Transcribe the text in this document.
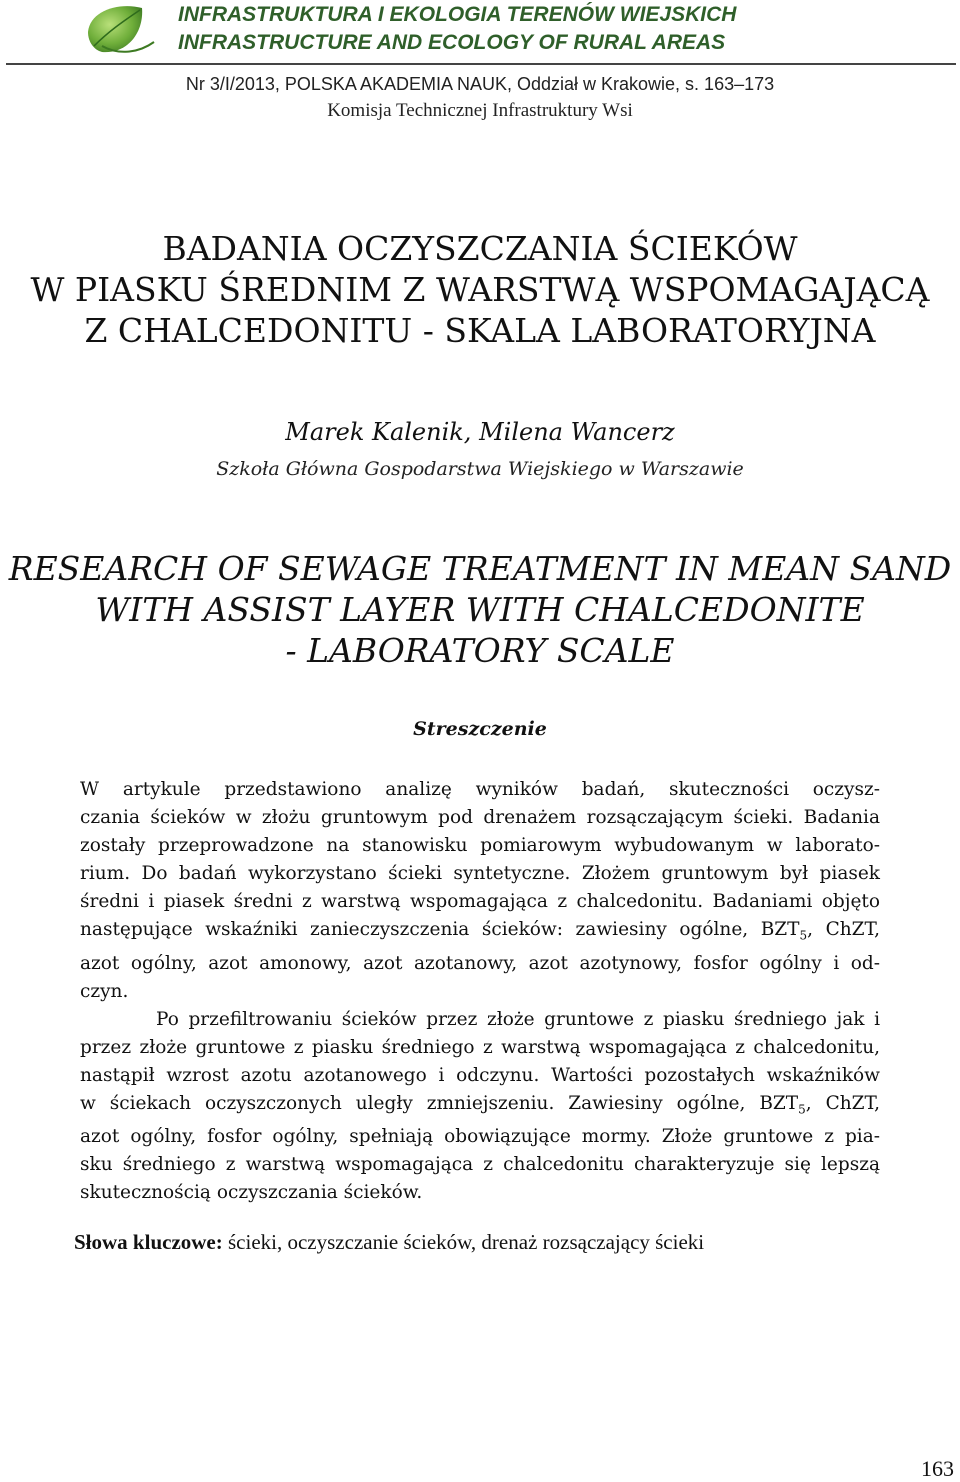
INFRASTRUKTURA I EKOLOGIA TERENÓW WIEJSKICH
INFRASTRUCTURE AND ECOLOGY OF RURAL AREAS
Nr 3/I/2013, POLSKA AKADEMIA NAUK, Oddział w Krakowie, s. 163–173
Komisja Technicznej Infrastruktury Wsi
BADANIA OCZYSZCZANIA ŚCIEKÓW
W PIASKU ŚREDNIM Z WARSTWĄ WSPOMAGAJĄCĄ
Z CHALCEDONITU - SKALA LABORATORYJNA
Marek Kalenik, Milena Wancerz
Szkoła Główna Gospodarstwa Wiejskiego w Warszawie
RESEARCH OF SEWAGE TREATMENT IN MEAN SAND
WITH ASSIST LAYER WITH CHALCEDONITE
- LABORATORY SCALE
Streszczenie
W artykule przedstawiono analizę wyników badań, skuteczności oczysz-
czania ścieków w złożu gruntowym pod drenażem rozsączającym ścieki. Badania
zostały przeprowadzone na stanowisku pomiarowym wybudowanym w laborato-
rium. Do badań wykorzystano ścieki syntetyczne. Złożem gruntowym był piasek
średni i piasek średni z warstwą wspomagająca z chalcedonitu. Badaniami objęto
następujące wskaźniki zanieczyszczenia ścieków: zawiesiny ogólne, $BZT_5$, ChZT,
azot ogólny, azot amonowy, azot azotanowy, azot azotynowy, fosfor ogólny i od-
czyn.
Po przefiltrowaniu ścieków przez złoże gruntowe z piasku średniego jak i
przez złoże gruntowe z piasku średniego z warstwą wspomagająca z chalcedonitu,
nastąpił wzrost azotu azotanowego i odczynu. Wartości pozostałych wskaźników
w ściekach oczyszczonych uległy zmniejszeniu. Zawiesiny ogólne, $BZT_5$, ChZT,
azot ogólny, fosfor ogólny, spełniają obowiązujące mormy. Złoże gruntowe z pia-
sku średniego z warstwą wspomagająca z chalcedonitu charakteryzuje się lepszą
skutecznością oczyszczania ścieków.
Słowa kluczowe: ścieki, oczyszczanie ścieków, drenaż rozsączający ścieki
163
